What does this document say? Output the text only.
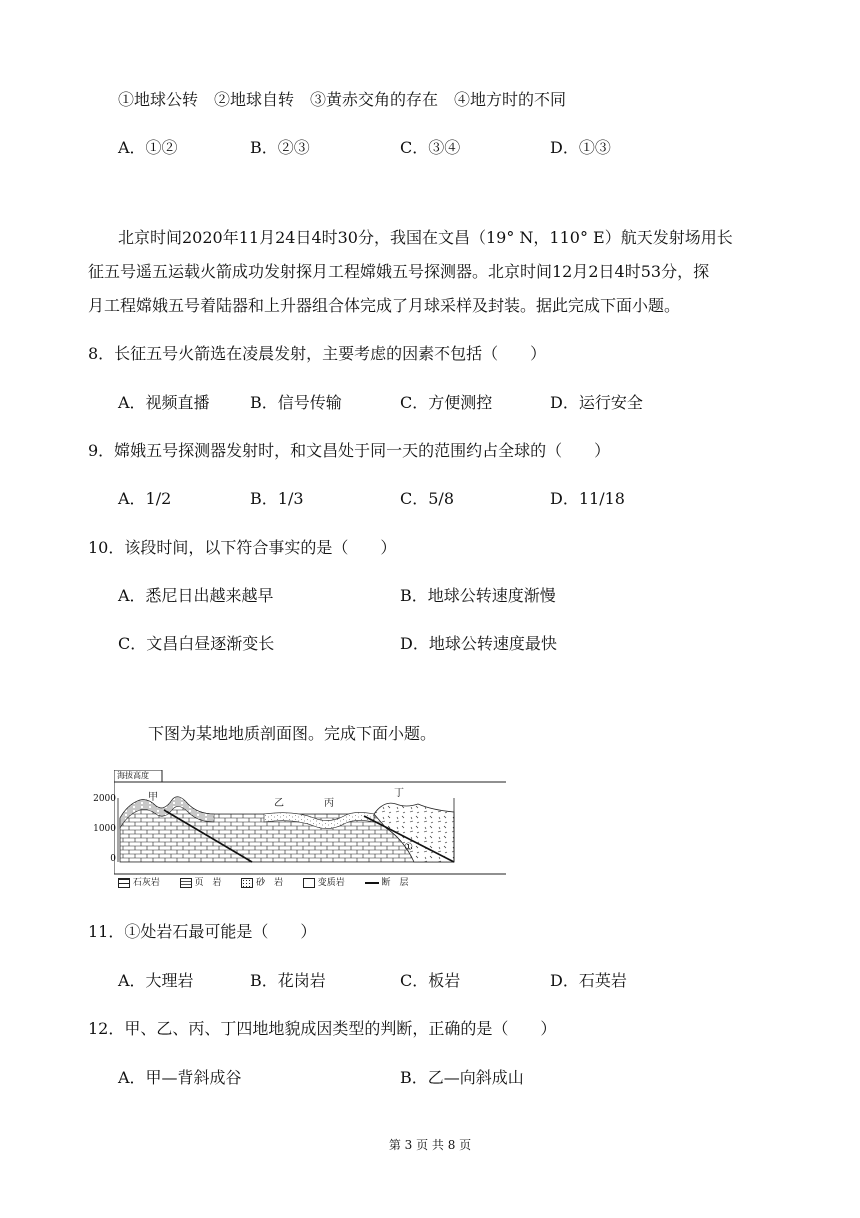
①地球公转　②地球自转　③黄赤交角的存在　④地方时的不同
A．①②	B．②③	C．③④	D．①③
北京时间2020年11月24日4时30分，我国在文昌（19° N，110° E）航天发射场用长
征五号遥五运载火箭成功发射探月工程嫦娥五号探测器。北京时间12月2日4时53分，探
月工程嫦娥五号着陆器和上升器组合体完成了月球采样及封装。据此完成下面小题。
8．长征五号火箭选在凌晨发射，主要考虑的因素不包括（　　）
A．视频直播	B．信号传输	C．方便测控	D．运行安全
9．嫦娥五号探测器发射时，和文昌处于同一天的范围约占全球的（　　）
A．1/2	B．1/3	C．5/8	D．11/18
10．该段时间，以下符合事实的是（　　）
A．悉尼日出越来越早	B．地球公转速度渐慢
C．文昌白昼逐渐变长	D．地球公转速度最快
下图为某地地质剖面图。完成下面小题。
海拔高度
2000
1000
0
甲
乙	丙
丁
①
石灰岩	页　岩	砂　岩	变质岩	断　层
11．①处岩石最可能是（　　）
A．大理岩	B．花岗岩	C．板岩	D．石英岩
12．甲、乙、丙、丁四地地貌成因类型的判断，正确的是（　　）
A．甲—背斜成谷	B．乙—向斜成山
第 3 页 共 8 页
